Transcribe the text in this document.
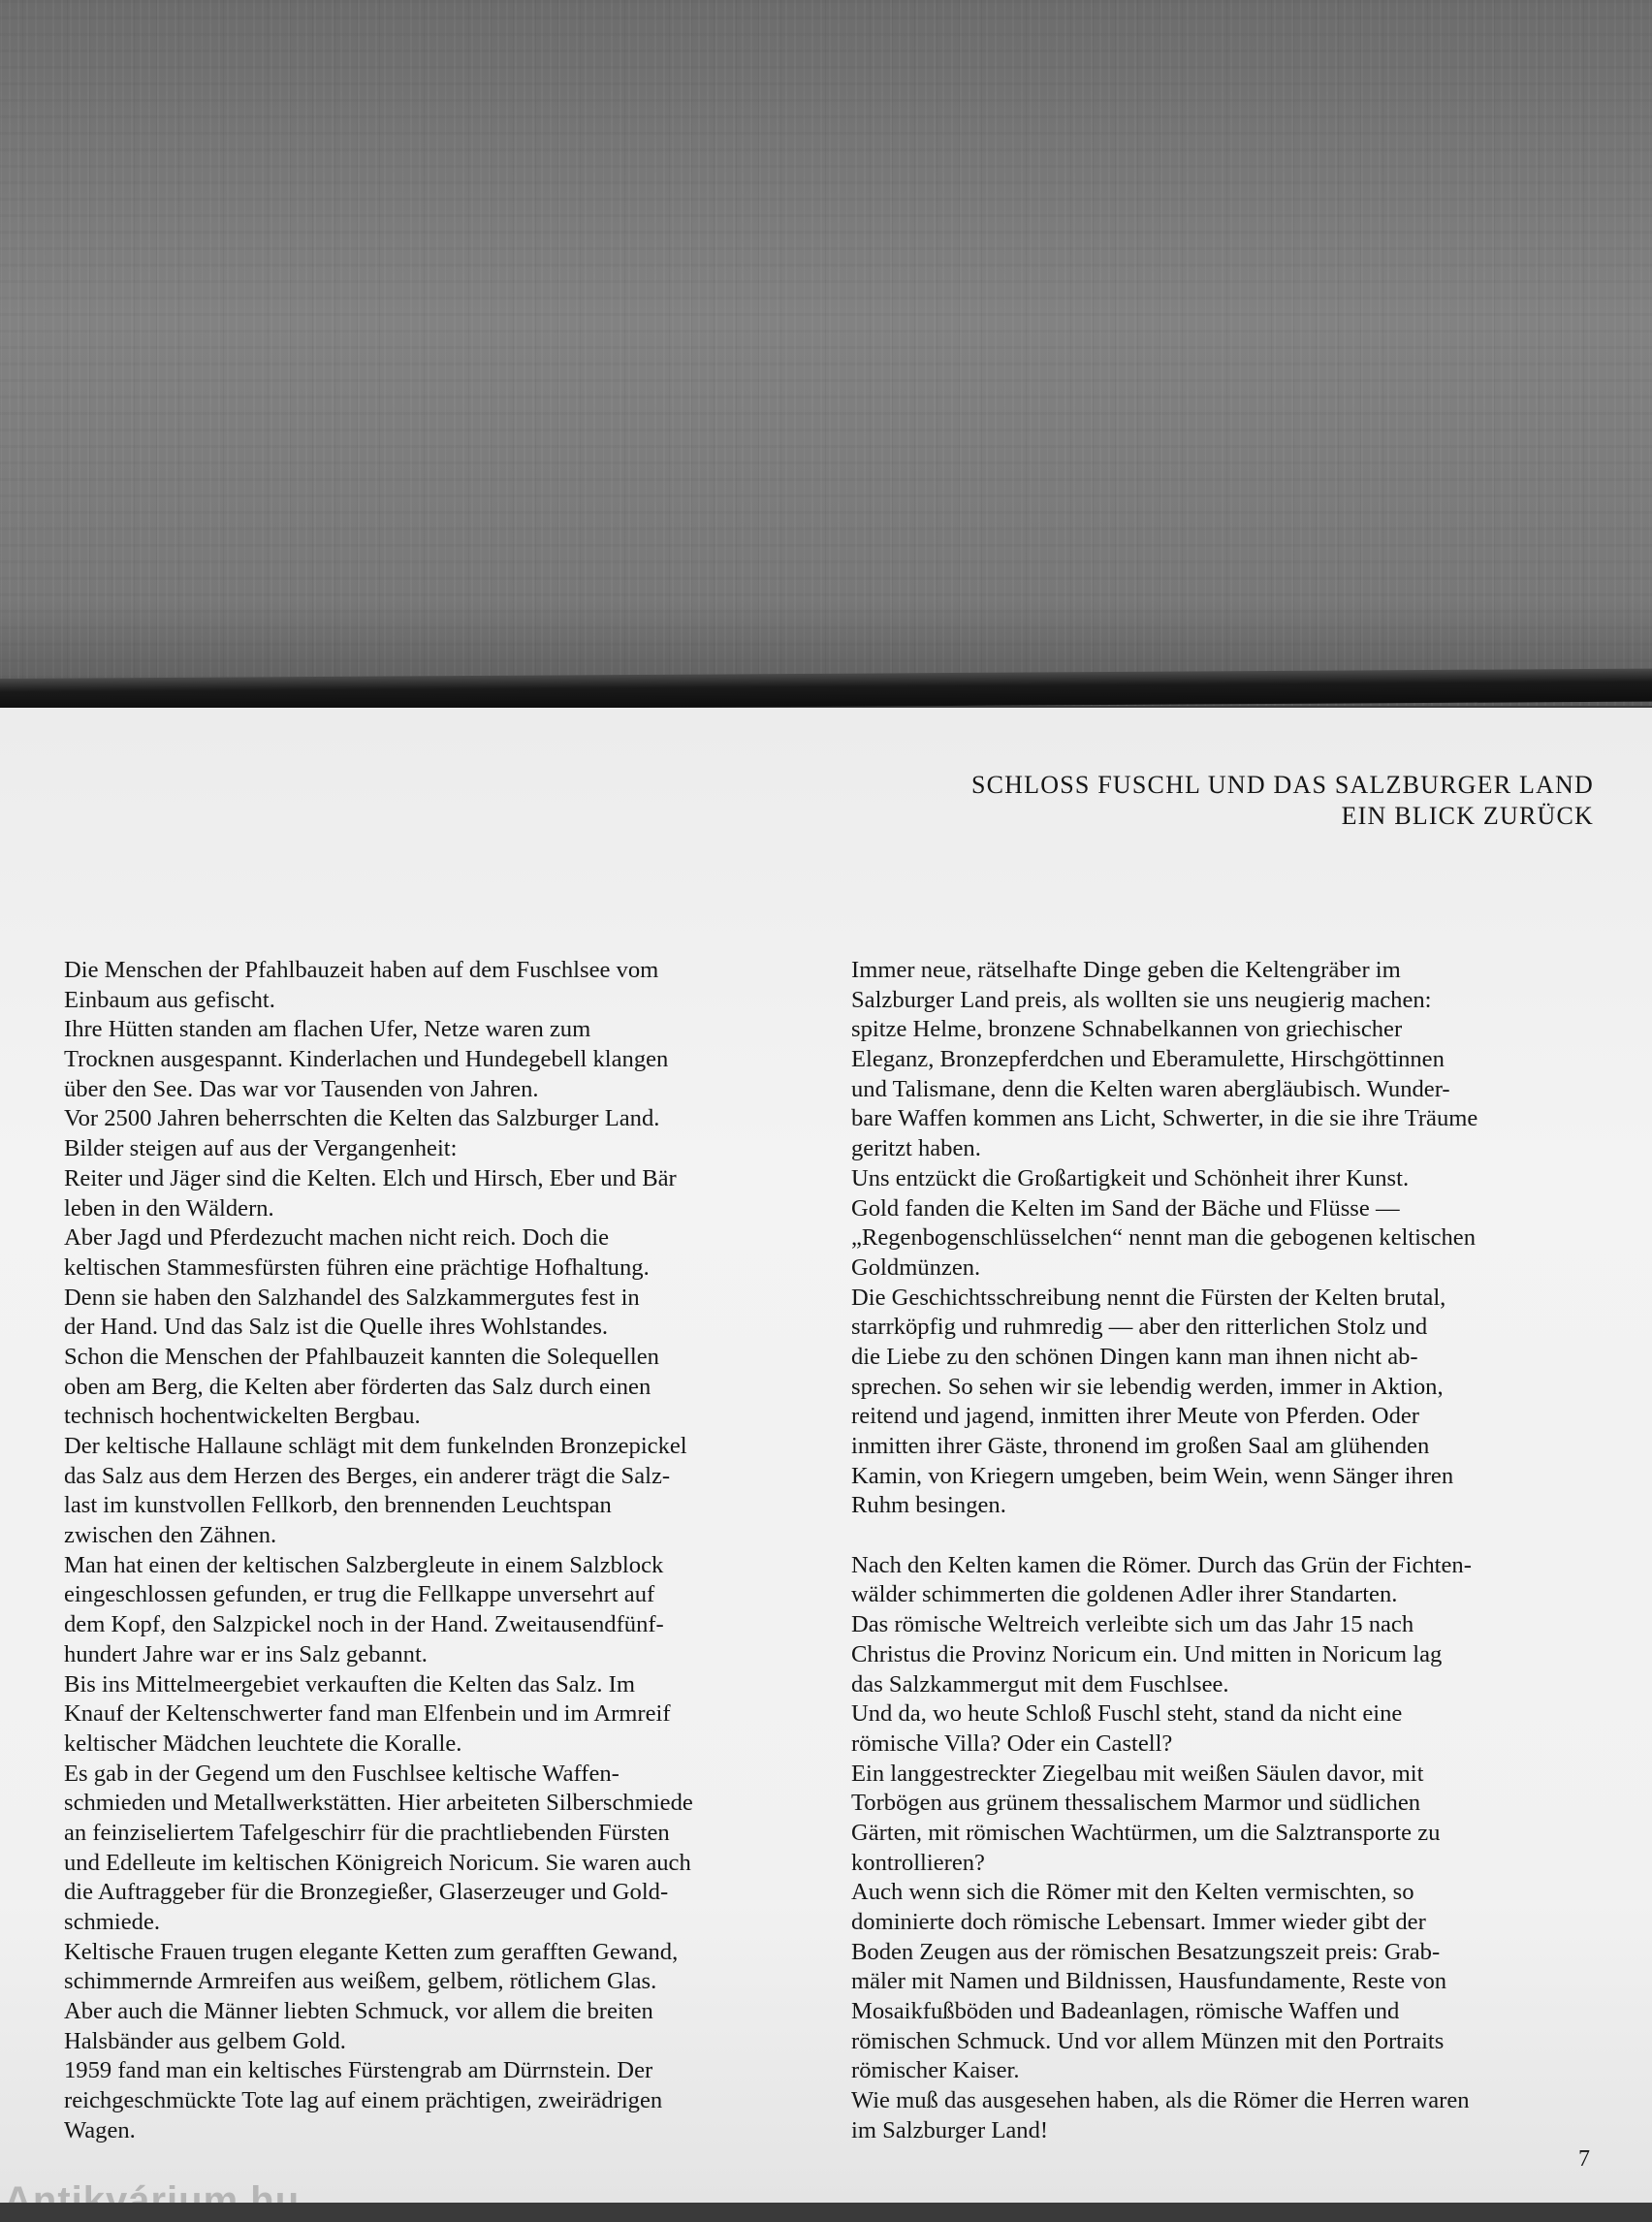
SCHLOSS FUSCHL UND DAS SALZBURGER LAND
EIN BLICK ZURÜCK
Die Menschen der Pfahlbauzeit haben auf dem Fuschlsee vom
Einbaum aus gefischt.
Ihre Hütten standen am flachen Ufer, Netze waren zum
Trocknen ausgespannt. Kinderlachen und Hundegebell klangen
über den See. Das war vor Tausenden von Jahren.
Vor 2500 Jahren beherrschten die Kelten das Salzburger Land.
Bilder steigen auf aus der Vergangenheit:
Reiter und Jäger sind die Kelten. Elch und Hirsch, Eber und Bär
leben in den Wäldern.
Aber Jagd und Pferdezucht machen nicht reich. Doch die
keltischen Stammesfürsten führen eine prächtige Hofhaltung.
Denn sie haben den Salzhandel des Salzkammergutes fest in
der Hand. Und das Salz ist die Quelle ihres Wohlstandes.
Schon die Menschen der Pfahlbauzeit kannten die Solequellen
oben am Berg, die Kelten aber förderten das Salz durch einen
technisch hochentwickelten Bergbau.
Der keltische Hallaune schlägt mit dem funkelnden Bronzepickel
das Salz aus dem Herzen des Berges, ein anderer trägt die Salz-
last im kunstvollen Fellkorb, den brennenden Leuchtspan
zwischen den Zähnen.
Man hat einen der keltischen Salzbergleute in einem Salzblock
eingeschlossen gefunden, er trug die Fellkappe unversehrt auf
dem Kopf, den Salzpickel noch in der Hand. Zweitausendfünf-
hundert Jahre war er ins Salz gebannt.
Bis ins Mittelmeergebiet verkauften die Kelten das Salz. Im
Knauf der Keltenschwerter fand man Elfenbein und im Armreif
keltischer Mädchen leuchtete die Koralle.
Es gab in der Gegend um den Fuschlsee keltische Waffen-
schmieden und Metallwerkstätten. Hier arbeiteten Silberschmiede
an feinziseliertem Tafelgeschirr für die prachtliebenden Fürsten
und Edelleute im keltischen Königreich Noricum. Sie waren auch
die Auftraggeber für die Bronzegießer, Glaserzeuger und Gold-
schmiede.
Keltische Frauen trugen elegante Ketten zum gerafften Gewand,
schimmernde Armreifen aus weißem, gelbem, rötlichem Glas.
Aber auch die Männer liebten Schmuck, vor allem die breiten
Halsbänder aus gelbem Gold.
1959 fand man ein keltisches Fürstengrab am Dürrnstein. Der
reichgeschmückte Tote lag auf einem prächtigen, zweirädrigen
Wagen.
Immer neue, rätselhafte Dinge geben die Keltengräber im
Salzburger Land preis, als wollten sie uns neugierig machen:
spitze Helme, bronzene Schnabelkannen von griechischer
Eleganz, Bronzepferdchen und Eberamulette, Hirschgöttinnen
und Talismane, denn die Kelten waren abergläubisch. Wunder-
bare Waffen kommen ans Licht, Schwerter, in die sie ihre Träume
geritzt haben.
Uns entzückt die Großartigkeit und Schönheit ihrer Kunst.
Gold fanden die Kelten im Sand der Bäche und Flüsse —
„Regenbogenschlüsselchen“ nennt man die gebogenen keltischen
Goldmünzen.
Die Geschichtsschreibung nennt die Fürsten der Kelten brutal,
starrköpfig und ruhmredig — aber den ritterlichen Stolz und
die Liebe zu den schönen Dingen kann man ihnen nicht ab-
sprechen. So sehen wir sie lebendig werden, immer in Aktion,
reitend und jagend, inmitten ihrer Meute von Pferden. Oder
inmitten ihrer Gäste, thronend im großen Saal am glühenden
Kamin, von Kriegern umgeben, beim Wein, wenn Sänger ihren
Ruhm besingen.
Nach den Kelten kamen die Römer. Durch das Grün der Fichten-
wälder schimmerten die goldenen Adler ihrer Standarten.
Das römische Weltreich verleibte sich um das Jahr 15 nach
Christus die Provinz Noricum ein. Und mitten in Noricum lag
das Salzkammergut mit dem Fuschlsee.
Und da, wo heute Schloß Fuschl steht, stand da nicht eine
römische Villa? Oder ein Castell?
Ein langgestreckter Ziegelbau mit weißen Säulen davor, mit
Torbögen aus grünem thessalischem Marmor und südlichen
Gärten, mit römischen Wachtürmen, um die Salztransporte zu
kontrollieren?
Auch wenn sich die Römer mit den Kelten vermischten, so
dominierte doch römische Lebensart. Immer wieder gibt der
Boden Zeugen aus der römischen Besatzungszeit preis: Grab-
mäler mit Namen und Bildnissen, Hausfundamente, Reste von
Mosaikfußböden und Badeanlagen, römische Waffen und
römischen Schmuck. Und vor allem Münzen mit den Portraits
römischer Kaiser.
Wie muß das ausgesehen haben, als die Römer die Herren waren
im Salzburger Land!
7
Antikvárium.hu
